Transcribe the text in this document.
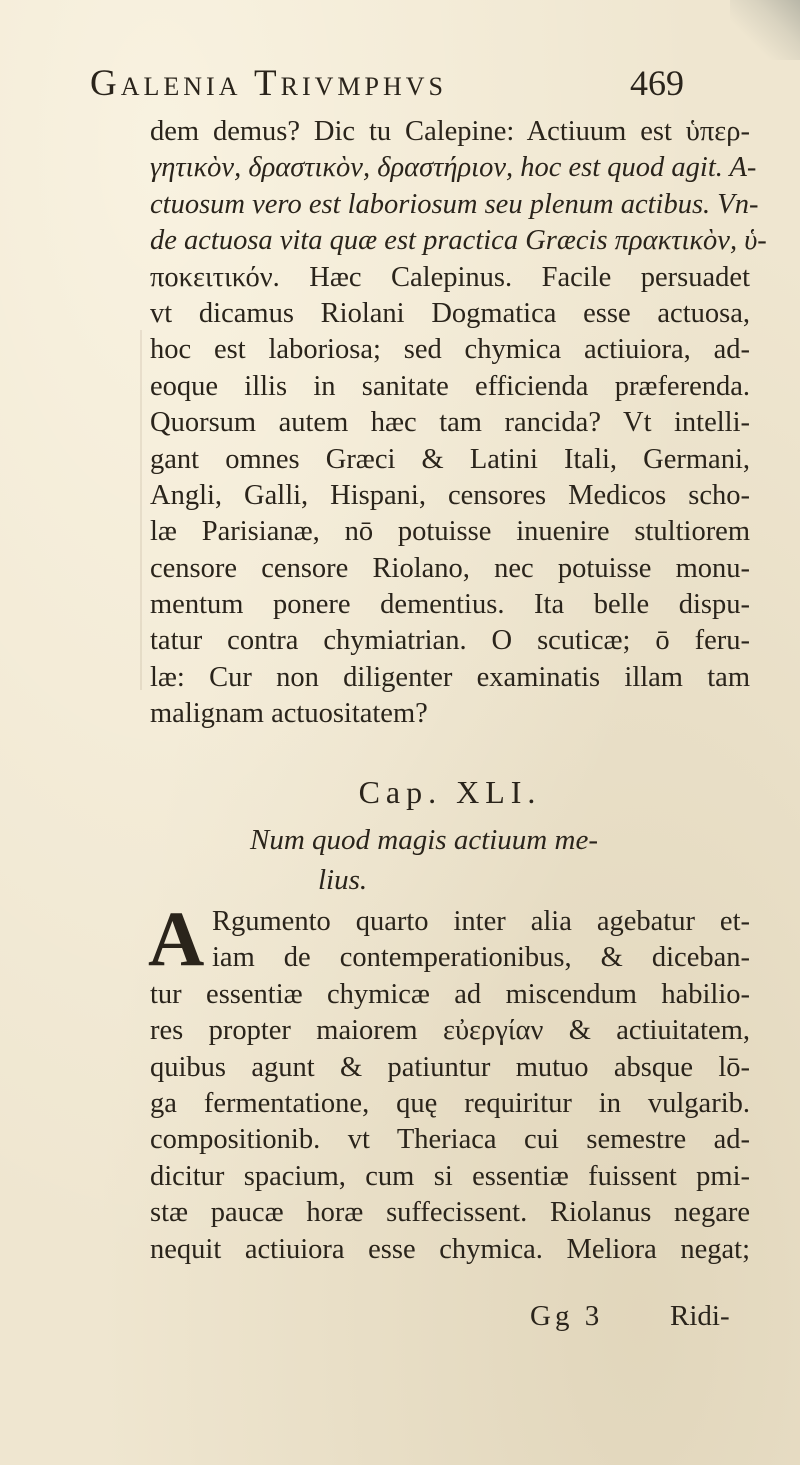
Galenia Trivmphvs	469
dem demus? Dic tu Calepine: Actiuum est ὑπερ-
γητικὸν, δραστικὸν, δραστήριον, hoc est quod agit. A-
ctuosum vero est laboriosum seu plenum actibus. Vn-
de actuosa vita quæ est practica Græcis πρακτικὸν, ὑ-
ποκειτικόν. Hæc Calepinus. Facile persuadet
vt dicamus Riolani Dogmatica esse actuosa,
hoc est laboriosa; sed chymica actiuiora, ad-
eoque illis in sanitate efficienda præferenda.
Quorsum autem hæc tam rancida? Vt intelli-
gant omnes Græci & Latini Itali, Germani,
Angli, Galli, Hispani, censores Medicos scho-
læ Parisianæ, nō potuisse inuenire stultiorem
censore censore Riolano, nec potuisse monu-
mentum ponere dementius. Ita belle dispu-
tatur contra chymiatrian. O scuticæ; ō feru-
læ: Cur non diligenter examinatis illam tam
malignam actuositatem?
Cap. XLI.
Num quod magis actiuum me-
lius.
A Rgumento quarto inter alia agebatur et-
iam de contemperationibus, & diceban-
tur essentiæ chymicæ ad miscendum habilio-
res propter maiorem εὐεργίαν & actiuitatem,
quibus agunt & patiuntur mutuo absque lō-
ga fermentatione, quę requiritur in vulgarib.
compositionib. vt Theriaca cui semestre ad-
dicitur spacium, cum si essentiæ fuissent pmi-
stæ paucæ horæ suffecissent. Riolanus negare
nequit actiuiora esse chymica. Meliora negat;
Gg 3 Ridi-
